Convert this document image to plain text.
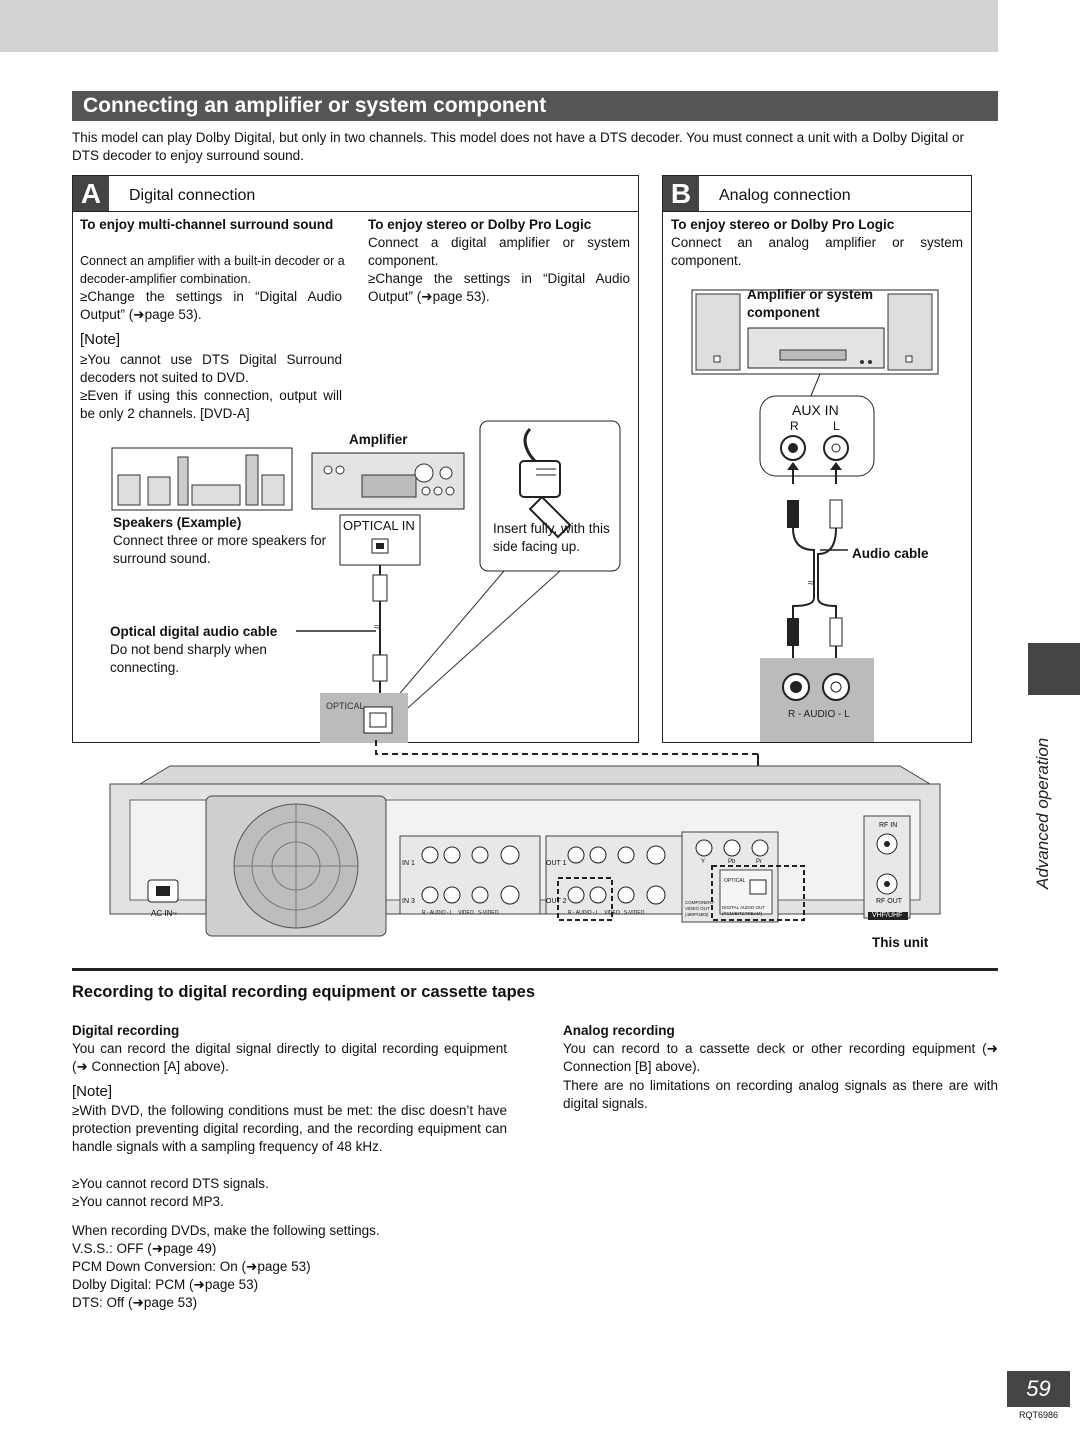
Connecting an amplifier or system component

This model can play Dolby Digital, but only in two channels. This model does not have a DTS decoder. You must connect a unit with a Dolby Digital or DTS decoder to enjoy surround sound.

A	Digital connection
To enjoy multi-channel surround sound
Connect an amplifier with a built-in decoder or a decoder-amplifier combination.
≥Change the settings in “Digital Audio Output” (➜page 53).
To enjoy stereo or Dolby Pro Logic
Connect a digital amplifier or system component.
≥Change the settings in “Digital Audio Output” (➜page 53).
[Note]
≥You cannot use DTS Digital Surround decoders not suited to DVD.
≥Even if using this connection, output will be only 2 channels. [DVD-A]
Amplifier
≈
Speakers (Example)
Connect three or more speakers for surround sound.
OPTICAL IN	Insert fully, with this side facing up.
Optical digital audio cable
Do not bend sharply when connecting.
OPTICAL
B	Analog connection
To enjoy stereo or Dolby Pro Logic
Connect an analog amplifier or system component.
≈
Amplifier or system component
AUX IN
R	L
Audio cable
R - AUDIO - L
AC IN~
RF IN
RF OUT
VHF/UHF
IN 1
IN 3
OUT 1
OUT 2
R - AUDIO - L    VIDEO   S-VIDEO	R - AUDIO - L    VIDEO   S-VIDEO
Y	Pb	Pr
OPTICAL
COMPONENT VIDEO OUT (480P/480I)
DIGITAL AUDIO OUT (PCM/BITSTREAM)
This unit
Advanced operation
Recording to digital recording equipment or cassette tapes
Digital recording
You can record the digital signal directly to digital recording equipment (➜ Connection [A] above).
[Note]
≥With DVD, the following conditions must be met: the disc doesn’t have protection preventing digital recording, and the recording equipment can handle signals with a sampling frequency of 48 kHz.
≥You cannot record DTS signals.
≥You cannot record MP3.
When recording DVDs, make the following settings.
V.S.S.: OFF (➜page 49)
PCM Down Conversion: On (➜page 53)
Dolby Digital: PCM (➜page 53)
DTS: Off (➜page 53)
Analog recording
You can record to a cassette deck or other recording equipment (➜ Connection [B] above).
There are no limitations on recording analog signals as there are with digital signals.
59
RQT6986
